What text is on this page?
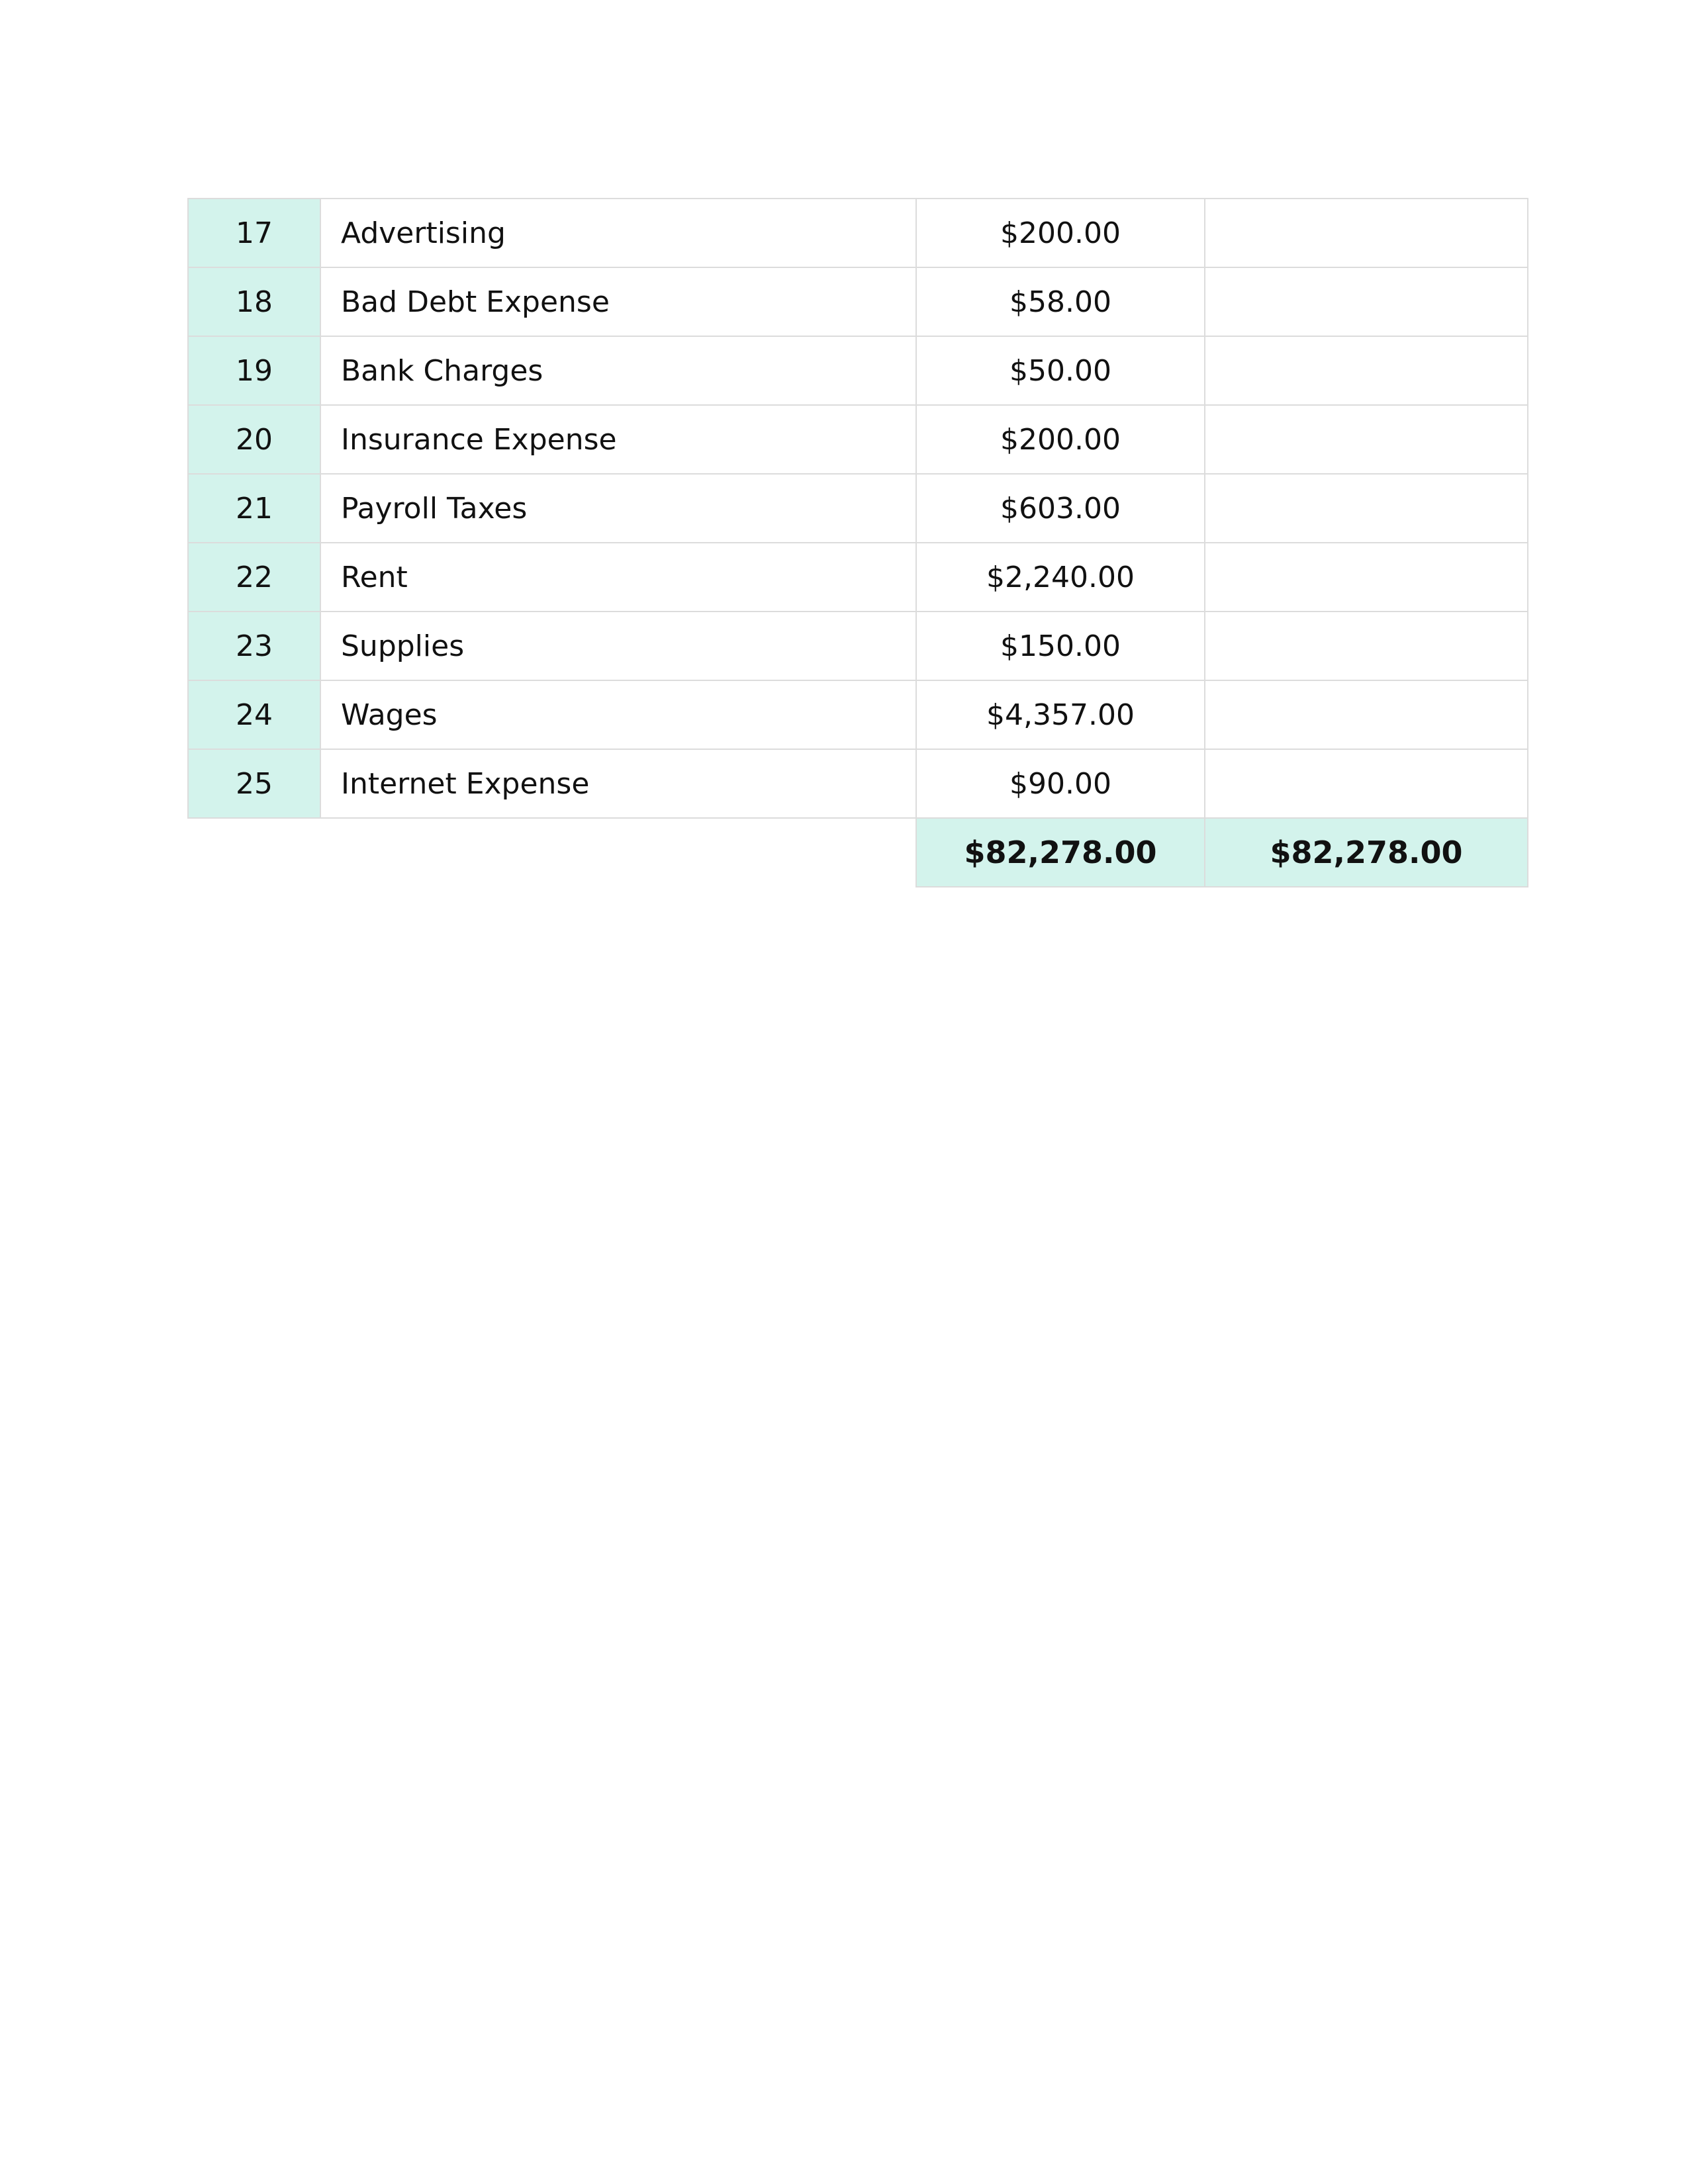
17	Advertising	$200.00	
18	Bad Debt Expense	$58.00	
19	Bank Charges	$50.00	
20	Insurance Expense	$200.00	
21	Payroll Taxes	$603.00	
22	Rent	$2,240.00	
23	Supplies	$150.00	
24	Wages	$4,357.00	
25	Internet Expense	$90.00	
		$82,278.00	$82,278.00
